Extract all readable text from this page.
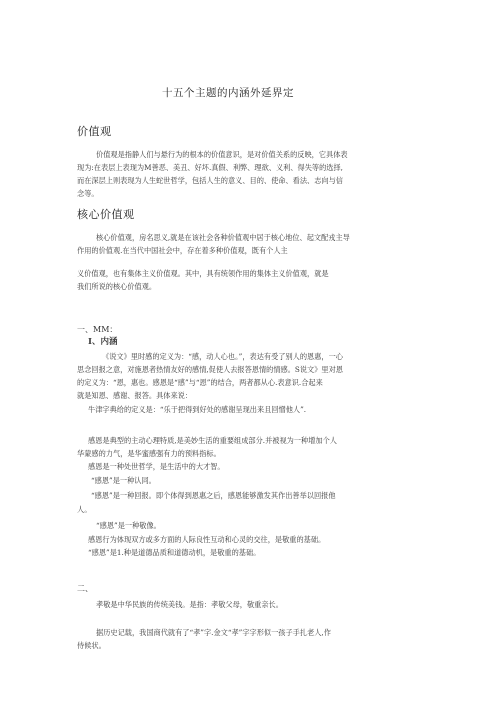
十五个主题的内涵外延界定
价值观
价值观是指静人们与悬行为的根本的价值意识，是对价值关系的反映，它具体表
现为:在表层上表现为M善恶、美丑、好坏.真假、利弊、理欲、义利、得失等的选择,
而在深层上则表现为人生蛇世哲学，包括人生的意义、目的、使命、看法、志向与信
念等。
核心价值观
核心价值观，房名思义,就是在该社会各种价值观中居于核心地位、起文配戎主导
作用的价值观.在当代中国社会中，存在着多种价值观，既有个人主
义价值观，也有集体主义价值观。其中，具有统领作用的集体主义价值观，就是
我们所说的核心价值观。
一、MM：
I、内涵
《说文》里时感的定义为：“感，动人心也。”，表达有受了别人的恩惠，一心
思念回报之意，对施恩者热情友好的感情,促使人去报答恩情的情感。S说文》里对恩
的定义为：“恩，惠也。感恩是“感”与“恩”的结合，两者都从心.表意识.合起来
就是知恩、感谢、报答。具体来说：
牛津字典给的定义是：“乐于把得到好处的感谢呈现出来且回憎他人”.
感恩是典型的主动心理特质,是美妙生活的重要组成部分.并被视为一种增加个人
华蒙感的力气，是华蜜感强有力的预料指标。
感恩是一种处世哲学，是生活中的大才智。
“感恩”是一种认同。
“感恩”是一种回报。即个体得到恩惠之后，感恩能够激发其作出善举以回报他
人。
“感恩”是一种敬像。
感恩行为体现双方或多方面的人际良性互动和心灵的交往，是敬重的基础。
“感恩”是1.种是道德品质和道德动机，是敬重的基础。
二、
孝敬是中华民族的传统美钱。是指：孝敬父母，敬重亲长。
据历史记载，我国商代就有了“孝”字.金文“孝”字字形似一孩子手扎老人,作
侍候状。
